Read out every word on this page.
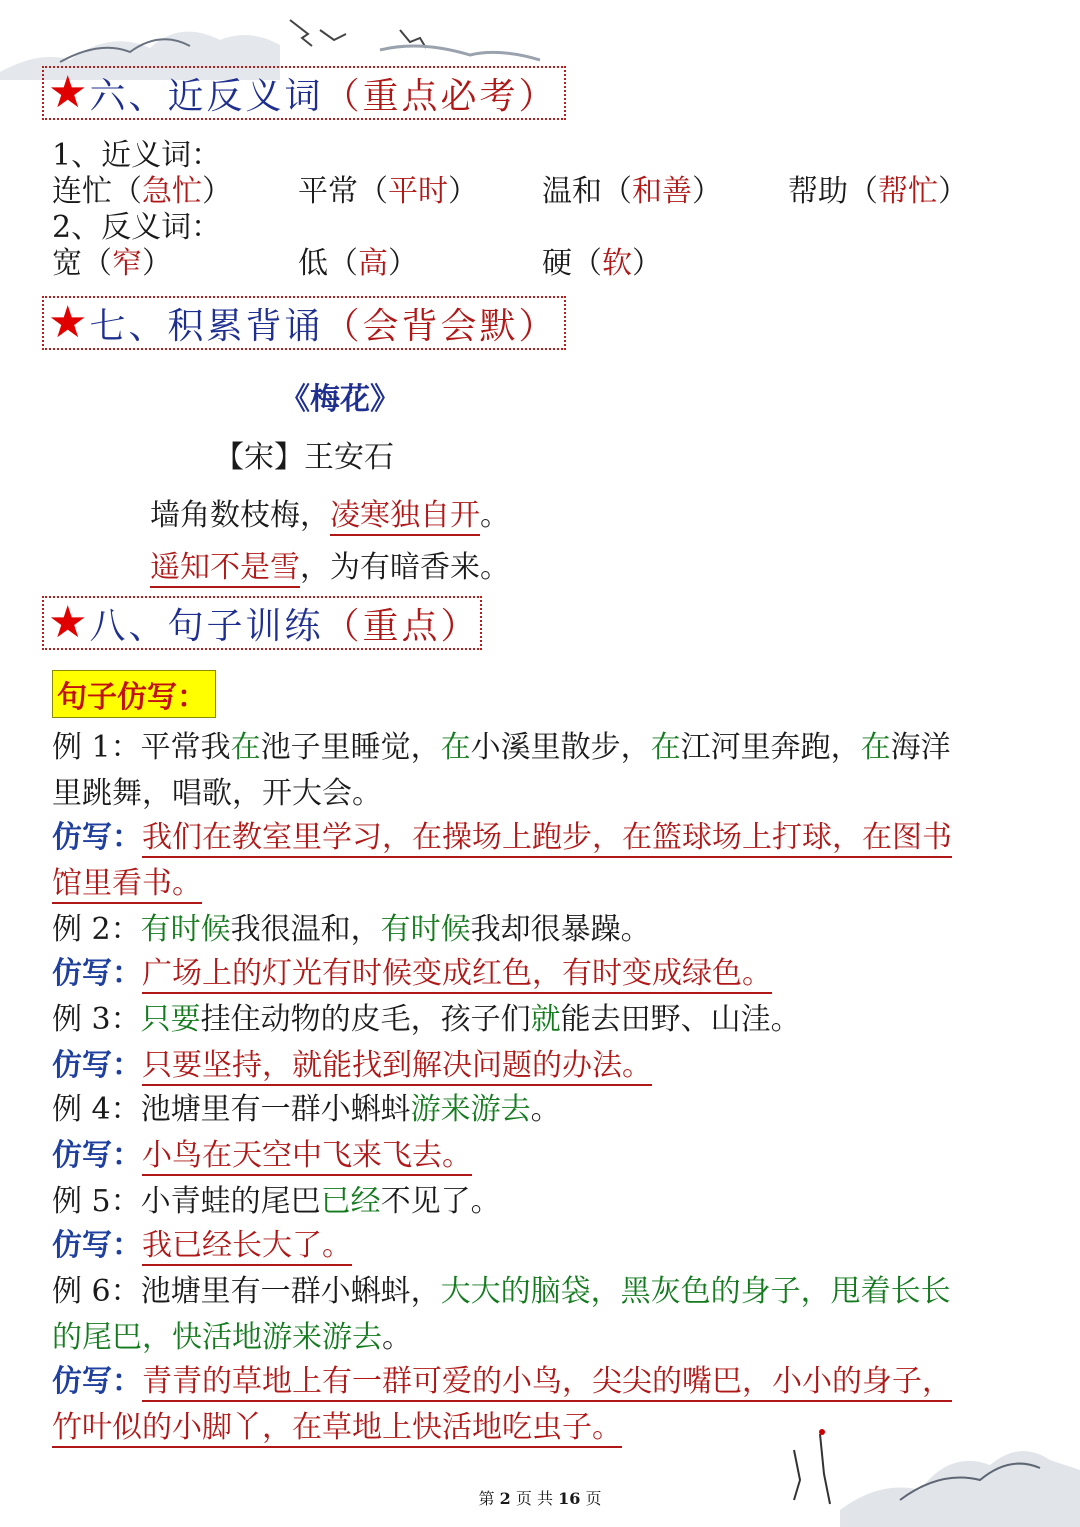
★ 六、近反义词 （重点必考）
1、近义词：
连忙（急忙） 平常（平时） 温和（和善） 帮助（帮忙）
2、反义词：
宽（窄）	低（高）	硬（软）
★ 七、积累背诵 （会背会默）
《梅花》
【宋】王安石
墙角数枝梅，凌寒独自开。
遥知不是雪，为有暗香来。
★ 八、句子训练 （重点）
句子仿写：
例 1：平常我在池子里睡觉，在小溪里散步，在江河里奔跑，在海洋
里跳舞，唱歌，开大会。
仿写：我们在教室里学习，在操场上跑步，在篮球场上打球，在图书
馆里看书。
例 2：有时候我很温和，有时候我却很暴躁。
仿写：广场上的灯光有时候变成红色，有时变成绿色。
例 3：只要挂住动物的皮毛，孩子们就能去田野、山洼。
仿写：只要坚持，就能找到解决问题的办法。
例 4：池塘里有一群小蝌蚪游来游去。
仿写：小鸟在天空中飞来飞去。
例 5：小青蛙的尾巴已经不见了。
仿写：我已经长大了。
例 6：池塘里有一群小蝌蚪，大大的脑袋，黑灰色的身子，甩着长长
的尾巴，快活地游来游去。
仿写：青青的草地上有一群可爱的小鸟，尖尖的嘴巴，小小的身子，
竹叶似的小脚丫，在草地上快活地吃虫子。
第 2 页 共 16 页
